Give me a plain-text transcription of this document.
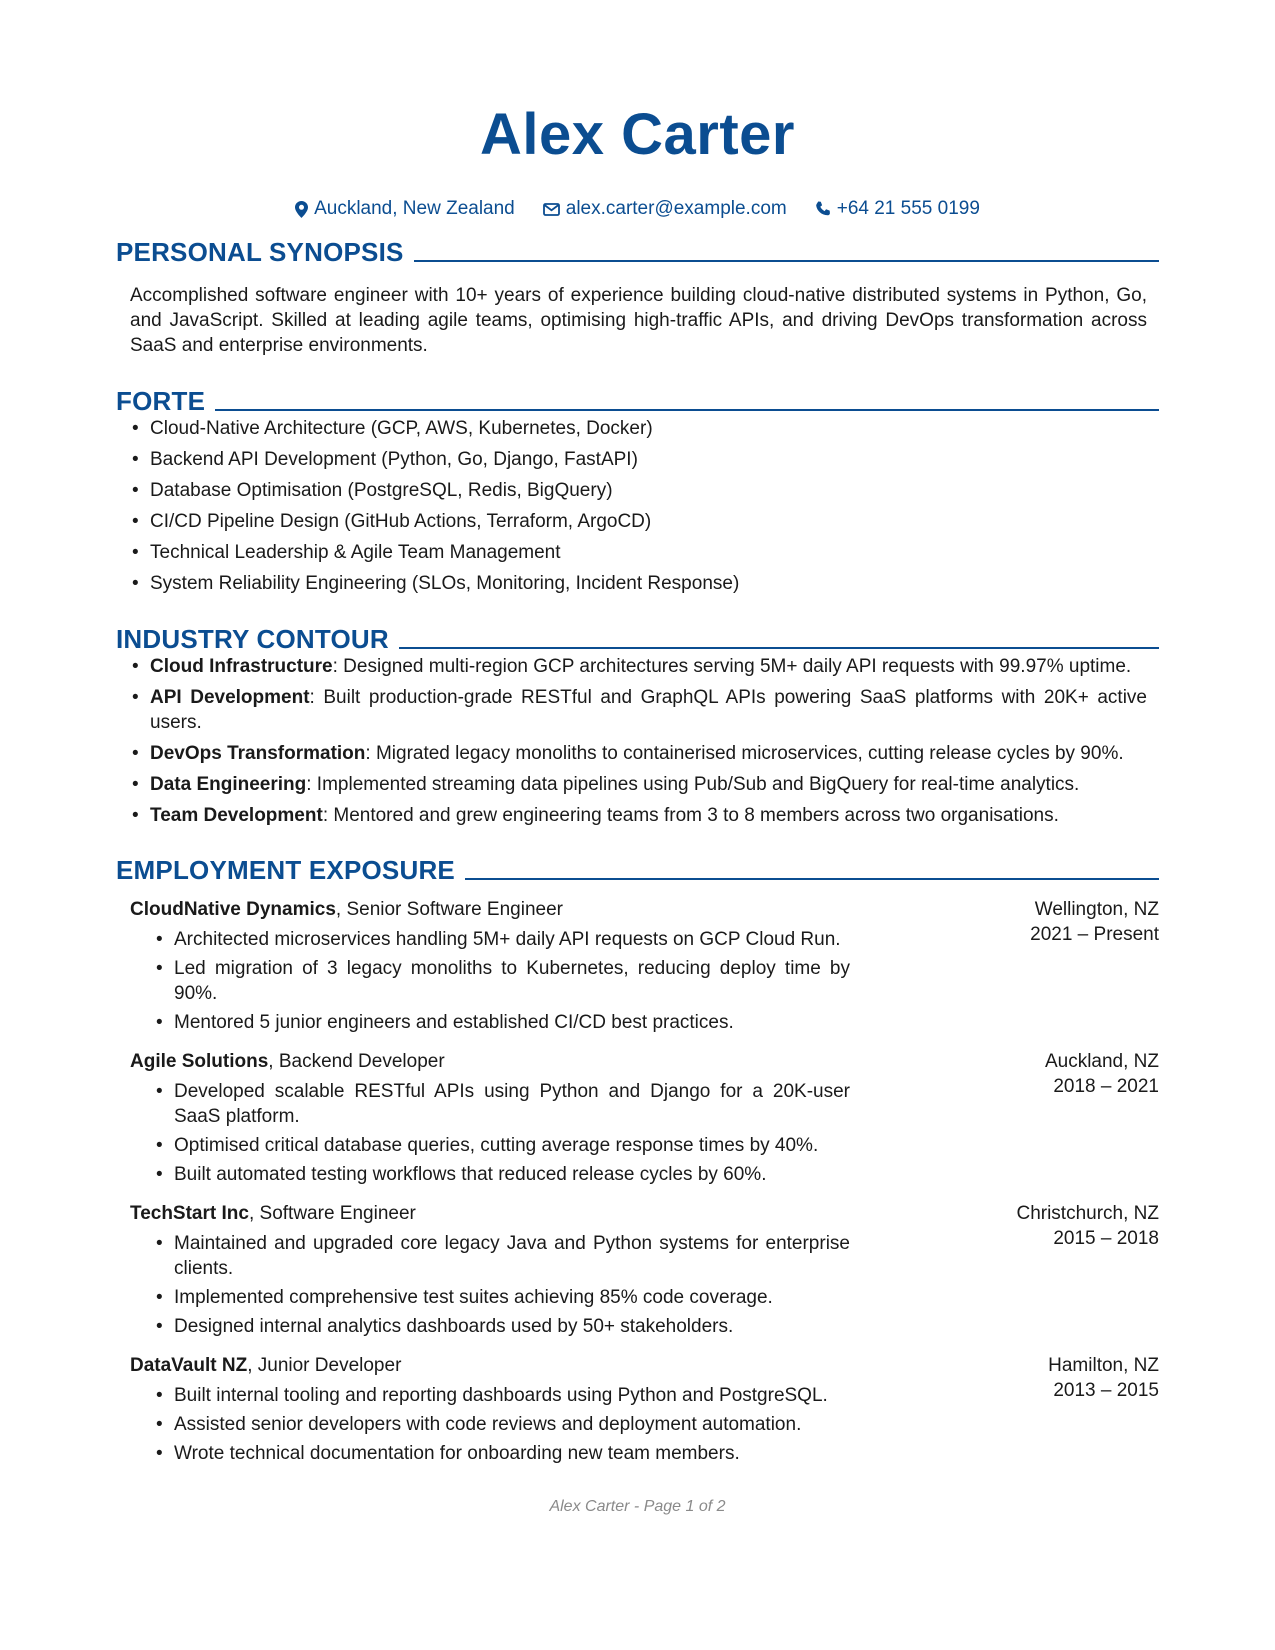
Alex Carter
Auckland, New Zealand	alex.carter@example.com	+64 21 555 0199
PERSONAL SYNOPSIS
Accomplished software engineer with 10+ years of experience building cloud-native distributed systems in Python, Go, and JavaScript. Skilled at leading agile teams, optimising high-traffic APIs, and driving DevOps transformation across SaaS and enterprise environments.
FORTE
• Cloud-Native Architecture (GCP, AWS, Kubernetes, Docker)
• Backend API Development (Python, Go, Django, FastAPI)
• Database Optimisation (PostgreSQL, Redis, BigQuery)
• CI/CD Pipeline Design (GitHub Actions, Terraform, ArgoCD)
• Technical Leadership & Agile Team Management
• System Reliability Engineering (SLOs, Monitoring, Incident Response)
INDUSTRY CONTOUR
• Cloud Infrastructure: Designed multi-region GCP architectures serving 5M+ daily API requests with 99.97% uptime.
• API Development: Built production-grade RESTful and GraphQL APIs powering SaaS platforms with 20K+ active users.
• DevOps Transformation: Migrated legacy monoliths to containerised microservices, cutting release cycles by 90%.
• Data Engineering: Implemented streaming data pipelines using Pub/Sub and BigQuery for real-time analytics.
• Team Development: Mentored and grew engineering teams from 3 to 8 members across two organisations.
EMPLOYMENT EXPOSURE
CloudNative Dynamics, Senior Software Engineer	Wellington, NZ
2021 – Present
• Architected microservices handling 5M+ daily API requests on GCP Cloud Run.
• Led migration of 3 legacy monoliths to Kubernetes, reducing deploy time by 90%.
• Mentored 5 junior engineers and established CI/CD best practices.
Agile Solutions, Backend Developer	Auckland, NZ
2018 – 2021
• Developed scalable RESTful APIs using Python and Django for a 20K-user SaaS platform.
• Optimised critical database queries, cutting average response times by 40%.
• Built automated testing workflows that reduced release cycles by 60%.
TechStart Inc, Software Engineer	Christchurch, NZ
2015 – 2018
• Maintained and upgraded core legacy Java and Python systems for enterprise clients.
• Implemented comprehensive test suites achieving 85% code coverage.
• Designed internal analytics dashboards used by 50+ stakeholders.
DataVault NZ, Junior Developer	Hamilton, NZ
2013 – 2015
• Built internal tooling and reporting dashboards using Python and PostgreSQL.
• Assisted senior developers with code reviews and deployment automation.
• Wrote technical documentation for onboarding new team members.
Alex Carter - Page 1 of 2
